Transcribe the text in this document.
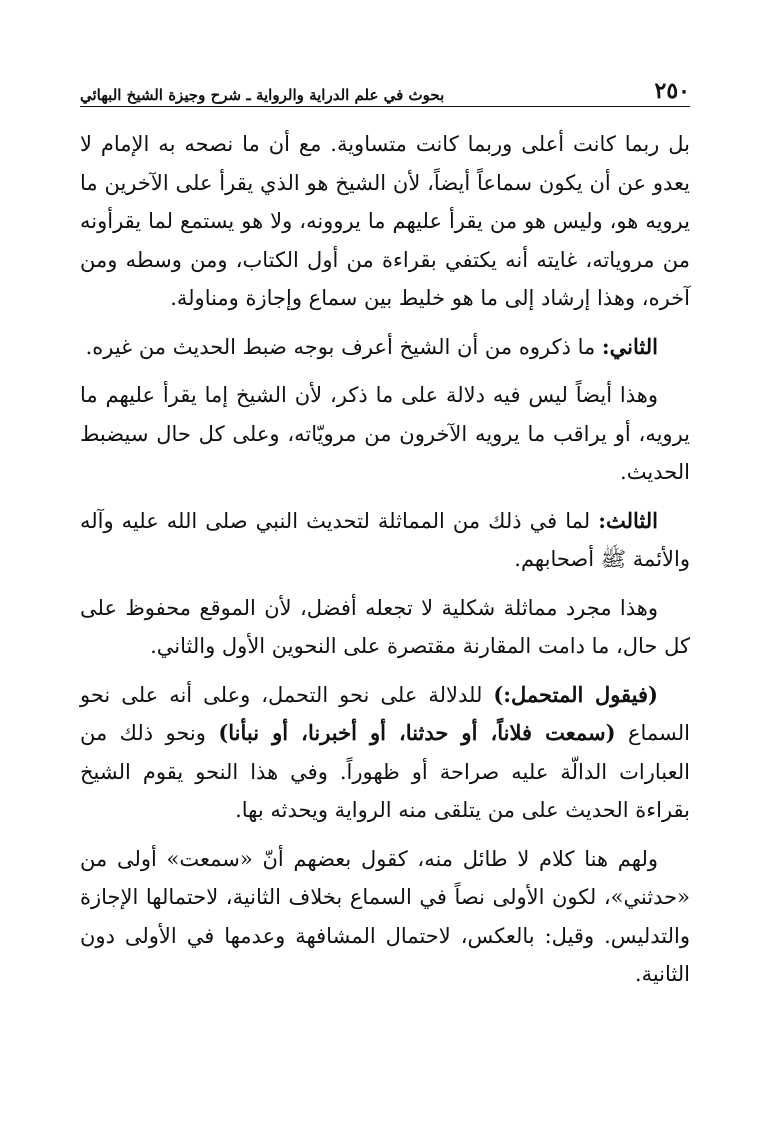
٢٥٠
بحوث في علم الدراية والرواية ـ شرح وجيزة الشيخ البهائي

بل ربما كانت أعلى وربما كانت متساوية. مع أن ما نصحه به الإمام لا يعدو عن أن يكون سماعاً أيضاً، لأن الشيخ هو الذي يقرأ على الآخرين ما يرويه هو، وليس هو من يقرأ عليهم ما يروونه، ولا هو يستمع لما يقرأونه من مروياته، غايته أنه يكتفي بقراءة من أول الكتاب، ومن وسطه ومن آخره، وهذا إرشاد إلى ما هو خليط بين سماع وإجازة ومناولة.

الثاني: ما ذكروه من أن الشيخ أعرف بوجه ضبط الحديث من غيره.

وهذا أيضاً ليس فيه دلالة على ما ذكر، لأن الشيخ إما يقرأ عليهم ما يرويه، أو يراقب ما يرويه الآخرون من مرويّاته، وعلى كل حال سيضبط الحديث.

الثالث: لما في ذلك من المماثلة لتحديث النبي صلى الله عليه وآله والأئمة ﷺ أصحابهم.

وهذا مجرد مماثلة شكلية لا تجعله أفضل، لأن الموقع محفوظ على كل حال، ما دامت المقارنة مقتصرة على النحوين الأول والثاني.

(فيقول المتحمل:) للدلالة على نحو التحمل، وعلى أنه على نحو السماع (سمعت فلاناً، أو حدثنا، أو أخبرنا، أو نبأنا) ونحو ذلك من العبارات الدالّة عليه صراحة أو ظهوراً. وفي هذا النحو يقوم الشيخ بقراءة الحديث على من يتلقى منه الرواية ويحدثه بها.

ولهم هنا كلام لا طائل منه، كقول بعضهم أنّ «سمعت» أولى من «حدثني»، لكون الأولى نصاً في السماع بخلاف الثانية، لاحتمالها الإجازة والتدليس. وقيل: بالعكس، لاحتمال المشافهة وعدمها في الأولى دون الثانية.
